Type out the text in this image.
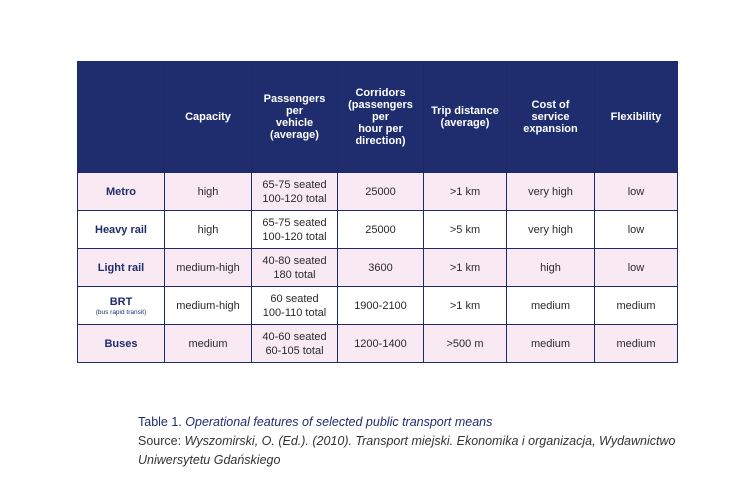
	Capacity	Passengers
per
vehicle
(average)	Corridors
(passengers
per
hour per
direction)	Trip distance
(average)	Cost of
service
expansion	Flexibility

Metro	high	65-75 seated
100-120 total	25000	>1 km	very high	low

Heavy rail	high	65-75 seated
100-120 total	25000	>5 km	very high	low

Light rail	medium-high	40-80 seated
180 total	3600	>1 km	high	low

BRT
(bus rapid transit)	medium-high	60 seated
100-110 total	1900-2100	>1 km	medium	medium

Buses	medium	40-60 seated
60-105 total	1200-1400	>500 m	medium	medium
Table 1. Operational features of selected public transport means
Source: Wyszomirski, O. (Ed.). (2010). Transport miejski. Ekonomika i organizacja, Wydawnictwo Uniwersytetu Gdańskiego
